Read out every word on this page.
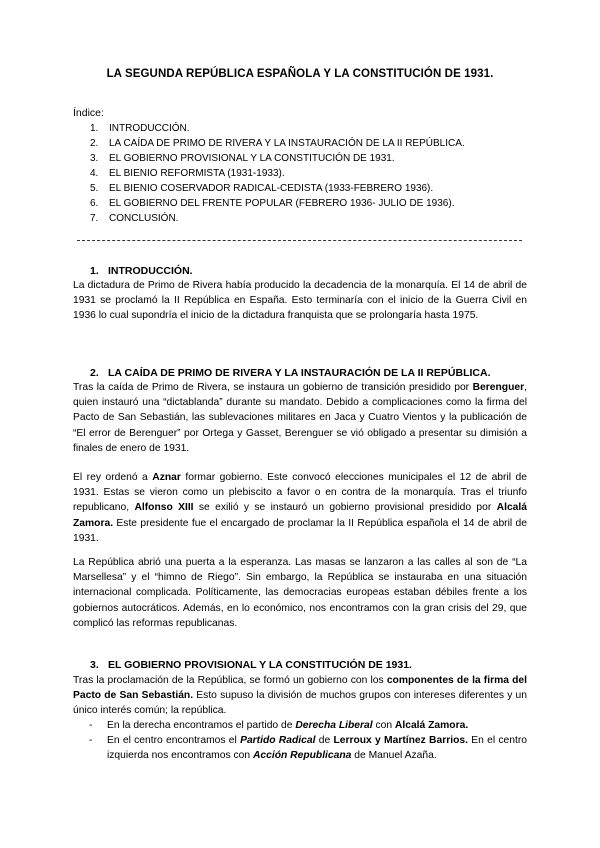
LA SEGUNDA REPÚBLICA ESPAÑOLA Y LA CONSTITUCIÓN DE 1931.
Índice:
1. INTRODUCCIÓN.
2. LA CAÍDA DE PRIMO DE RIVERA Y LA INSTAURACIÓN DE LA II REPÚBLICA.
3. EL GOBIERNO PROVISIONAL Y LA CONSTITUCIÓN DE 1931.
4. EL BIENIO REFORMISTA (1931-1933).
5. EL BIENIO COSERVADOR RADICAL-CEDISTA (1933-FEBRERO 1936).
6. EL GOBIERNO DEL FRENTE POPULAR (FEBRERO 1936- JULIO DE 1936).
7. CONCLUSIÓN.
1. INTRODUCCIÓN.

La dictadura de Primo de Rivera había producido la decadencia de la monarquía. El 14 de abril de 1931 se proclamó la II República en España. Esto terminaría con el inicio de la Guerra Civil en 1936 lo cual supondría el inicio de la dictadura franquista que se prolongaría hasta 1975.

2. LA CAÍDA DE PRIMO DE RIVERA Y LA INSTAURACIÓN DE LA II REPÚBLICA.

Tras la caída de Primo de Rivera, se instaura un gobierno de transición presidido por Berenguer, quien instauró una “dictablanda” durante su mandato. Debido a complicaciones como la firma del Pacto de San Sebastián, las sublevaciones militares en Jaca y Cuatro Vientos y la publicación de “El error de Berenguer” por Ortega y Gasset, Berenguer se vió obligado a presentar su dimisión a finales de enero de 1931.

El rey ordenó a Aznar formar gobierno. Este convocó elecciones municipales el 12 de abril de 1931. Estas se vieron como un plebiscito a favor o en contra de la monarquía. Tras el triunfo republicano, Alfonso XIII se exilió y se instauró un gobierno provisional presidido por Alcalá Zamora. Este presidente fue el encargado de proclamar la II República española el 14 de abril de 1931.

La República abrió una puerta a la esperanza. Las masas se lanzaron a las calles al son de “La Marsellesa” y el “himno de Riego”. Sin embargo, la República se instauraba en una situación internacional complicada. Políticamente, las democracias europeas estaban débiles frente a los gobiernos autocráticos. Además, en lo económico, nos encontramos con la gran crisis del 29, que complicó las reformas republicanas.

3. EL GOBIERNO PROVISIONAL Y LA CONSTITUCIÓN DE 1931.

Tras la proclamación de la República, se formó un gobierno con los componentes de la firma del Pacto de San Sebastián. Esto supuso la división de muchos grupos con intereses diferentes y un único interés común; la república.

- En la derecha encontramos el partido de Derecha Liberal con Alcalá Zamora.
- En el centro encontramos el Partido Radical de Lerroux y Martínez Barrios. En el centro izquierda nos encontramos con Acción Republicana de Manuel Azaña.
